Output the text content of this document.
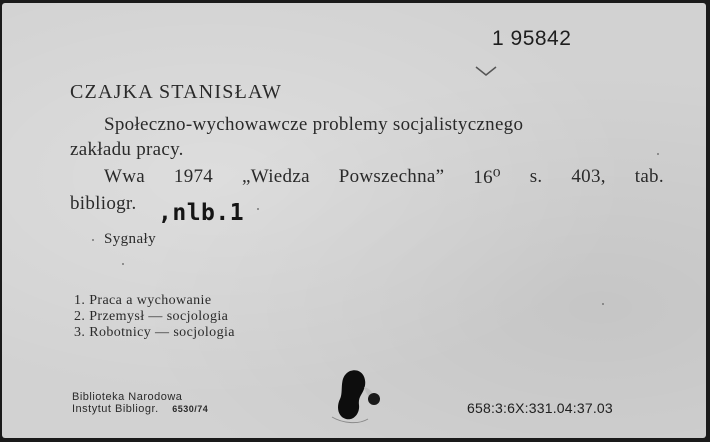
1 95842
CZAJKA STANISŁAW
Społeczno-wychowawcze problemy socjalistycznego
zakładu pracy.
Wwa 1974 „Wiedza Powszechna” 16⁰ s. 403, tab.
bibliogr. ,nlb.1
Sygnały
1. Praca a wychowanie
2. Przemysł — socjologia
3. Robotnicy — socjologia
Biblioteka Narodowa
Instytut Bibliogr. 6530/74	658:3:6X:331.04:37.03
